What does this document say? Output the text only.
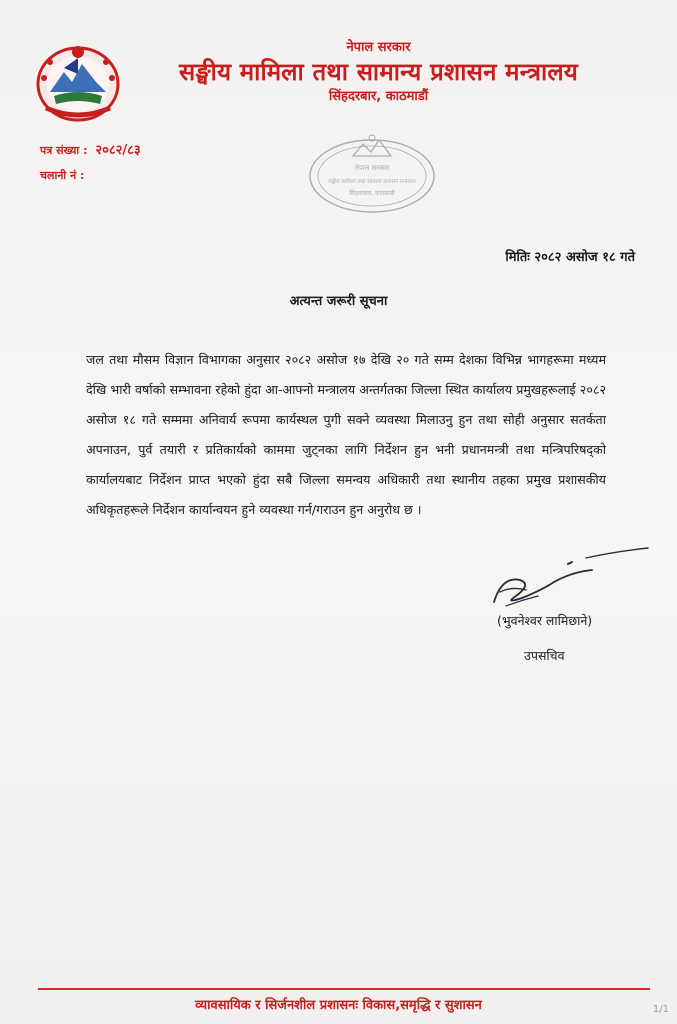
नेपाल सरकार
सङ्घीय मामिला तथा सामान्य प्रशासन मन्त्रालय
सिंहदरबार, काठमाडौं
पत्र संख्या : २०८२/८३
चलानी नं :
नेपाल सरकार
सङ्घीय मामिला तथा सामान्य प्रशासन मन्त्रालय
सिंहदरबार, काठमाडौं
मितिः २०८२ असोज १८ गते
अत्यन्त जरूरी सूचना
जल तथा मौसम विज्ञान विभागका अनुसार २०८२ असोज १७ देखि २० गते सम्म देशका विभिन्न भागहरूमा मध्यम देखि भारी वर्षाको सम्भावना रहेको हुंदा आ-आफ्नो मन्त्रालय अन्तर्गतका जिल्ला स्थित कार्यालय प्रमुखहरूलाई २०८२ असोज १८ गते सम्ममा अनिवार्य रूपमा कार्यस्थल पुगी सक्ने व्यवस्था मिलाउनु हुन तथा सोही अनुसार सतर्कता अपनाउन, पुर्व तयारी र प्रतिकार्यको काममा जुट्नका लागि निर्देशन हुन भनी प्रधानमन्त्री तथा मन्त्रिपरिषद्को कार्यालयबाट निर्देशन प्राप्त भएको हुंदा सबै जिल्ला समन्वय अधिकारी तथा स्थानीय तहका प्रमुख प्रशासकीय अधिकृतहरूले निर्देशन कार्यान्वयन हुने व्यवस्था गर्न/गराउन हुन अनुरोध छ ।
(भुवनेश्वर लामिछाने)
उपसचिव
व्यावसायिक र सिर्जनशील प्रशासनः विकास,समृद्धि र सुशासन	1/1
